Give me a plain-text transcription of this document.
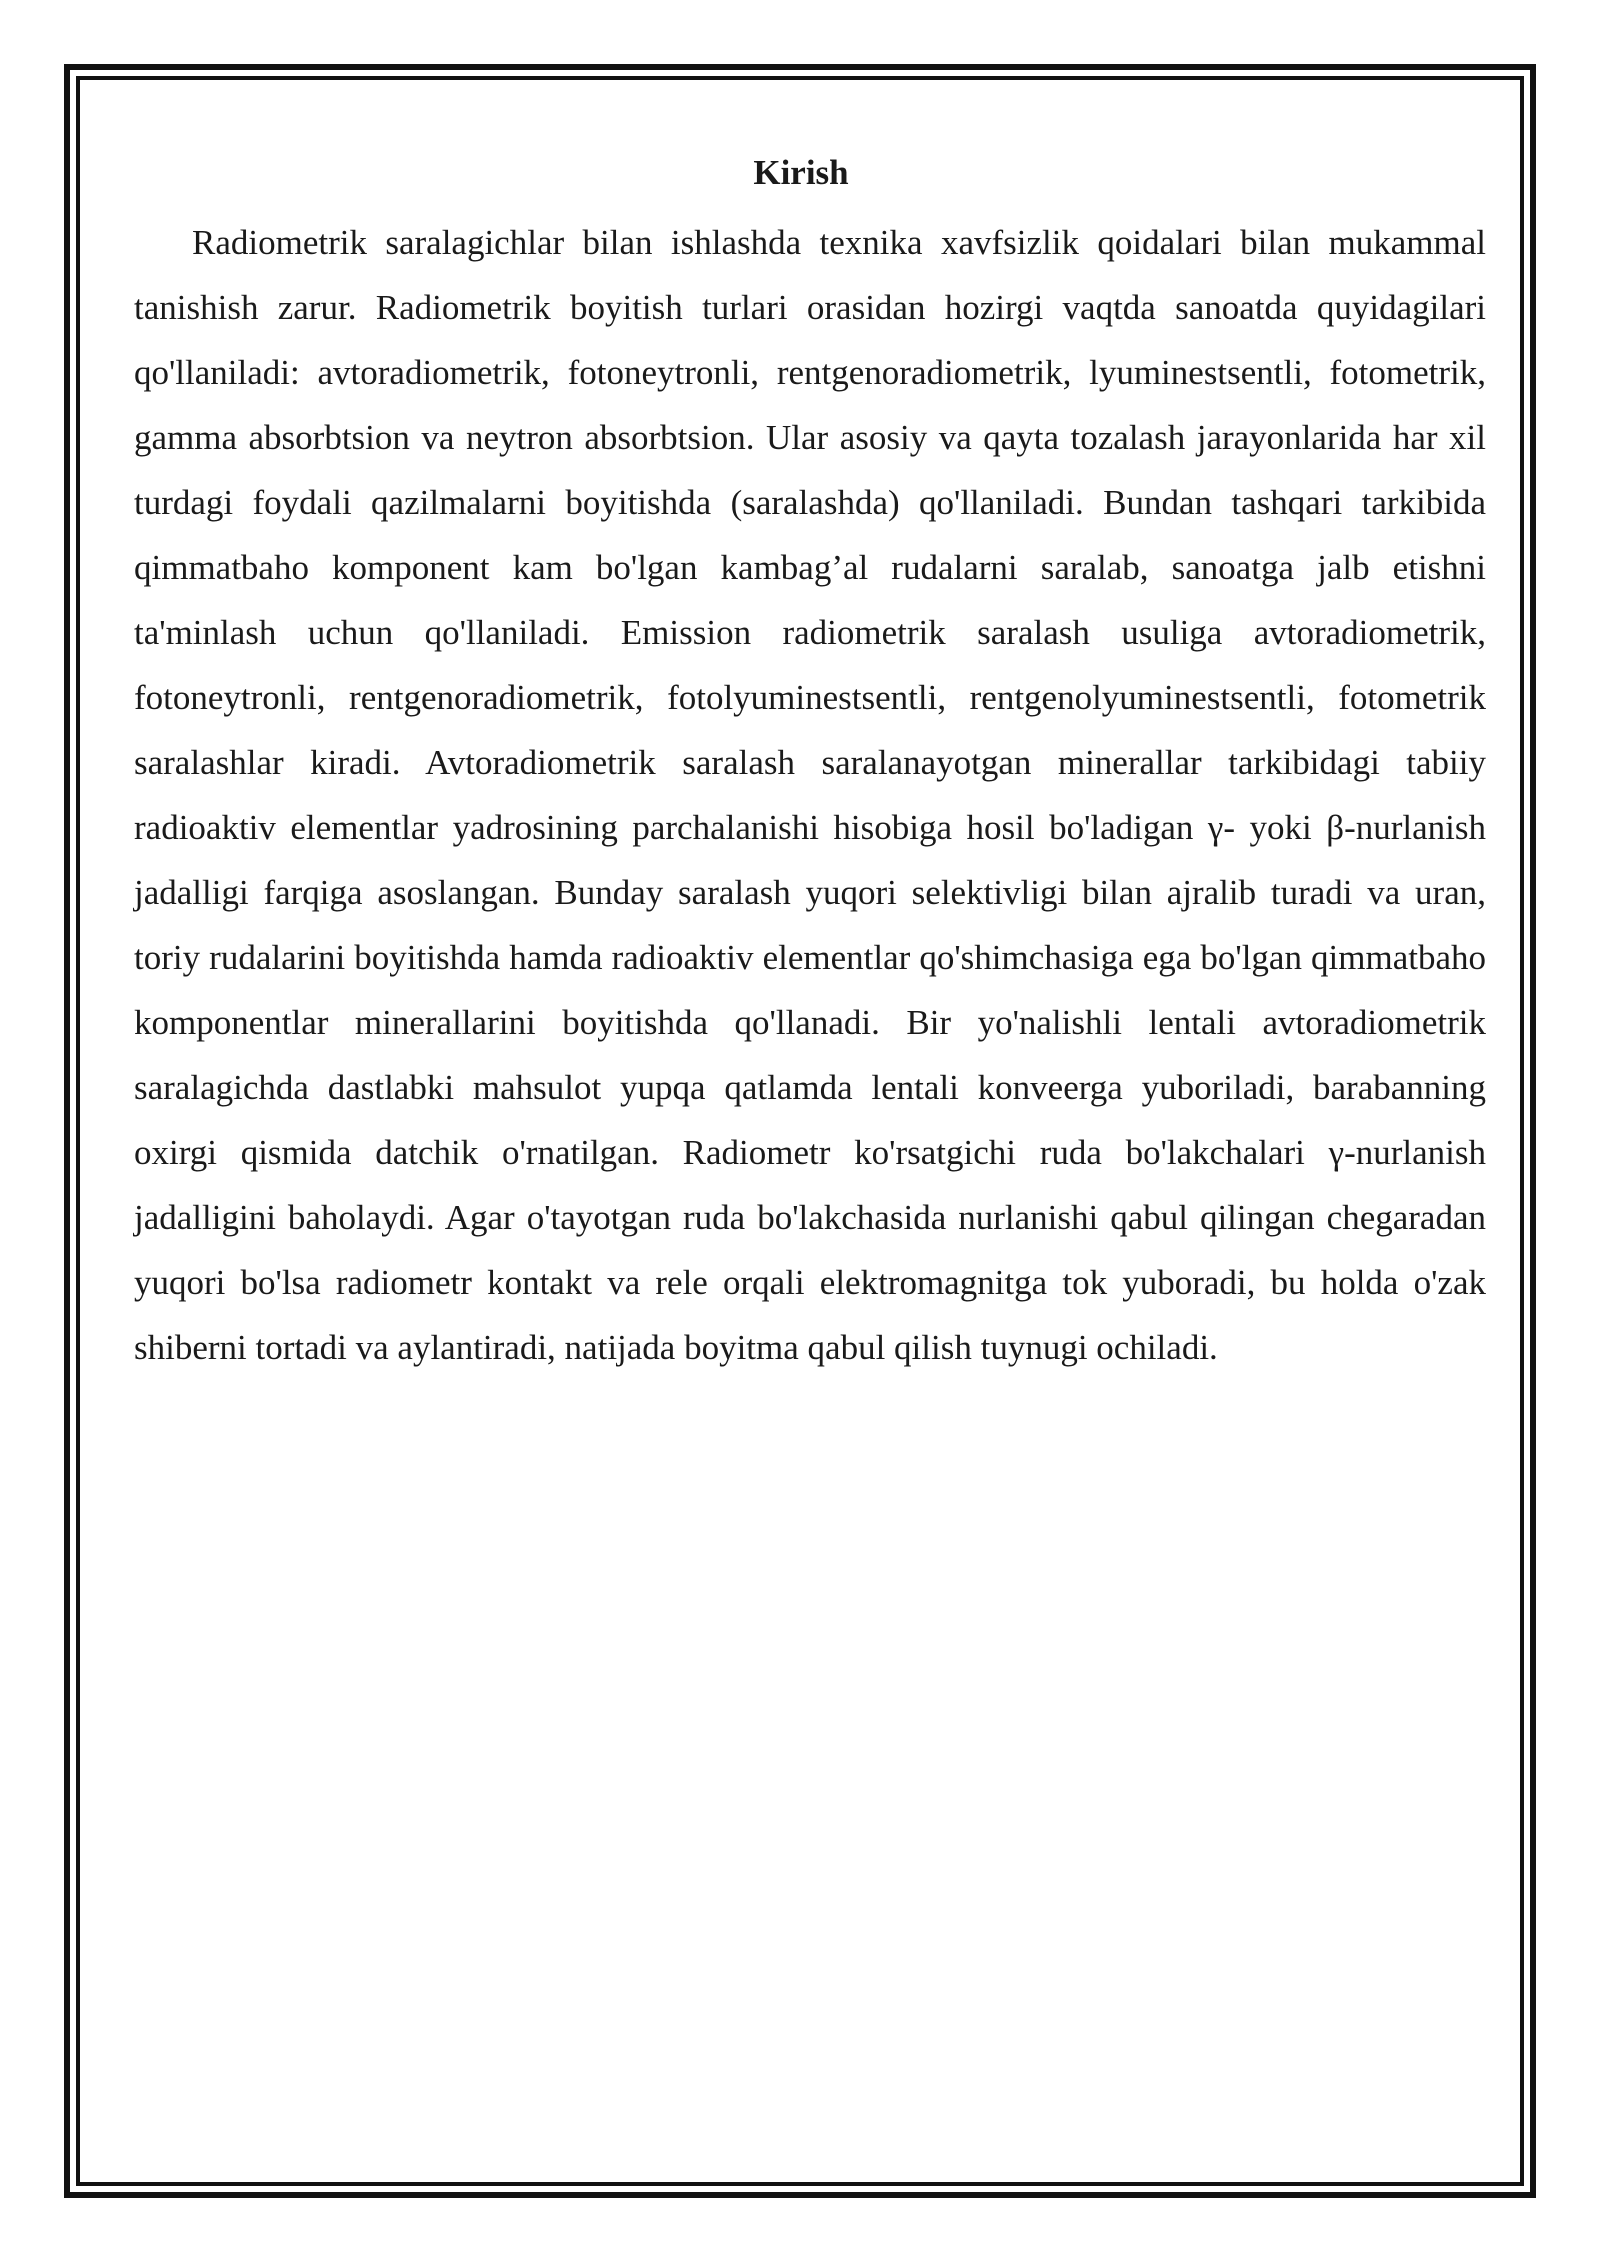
Kirish

Radiometrik saralagichlar bilan ishlashda texnika xavfsizlik qoidalari bilan mukammal tanishish zarur. Radiometrik boyitish turlari orasidan hozirgi vaqtda sanoatda quyidagilari qo'llaniladi: avtoradiometrik, fotoneytronli, rentgenoradiometrik, lyuminestsentli, fotometrik, gamma absorbtsion va neytron absorbtsion. Ular asosiy va qayta tozalash jarayonlarida har xil turdagi foydali qazilmalarni boyitishda (saralashda) qo'llaniladi. Bundan tashqari tarkibida qimmatbaho komponent kam bo'lgan kambag’al rudalarni saralab, sanoatga jalb etishni ta'minlash uchun qo'llaniladi. Emission radiometrik saralash usuliga avtoradiometrik, fotoneytronli, rentgenoradiometrik, fotolyuminestsentli, rentgenolyuminestsentli, fotometrik saralashlar kiradi. Avtoradiometrik saralash saralanayotgan minerallar tarkibidagi tabiiy radioaktiv elementlar yadrosining parchalanishi hisobiga hosil bo'ladigan γ- yoki β-nurlanish jadalligi farqiga asoslangan. Bunday saralash yuqori selektivligi bilan ajralib turadi va uran, toriy rudalarini boyitishda hamda radioaktiv elementlar qo'shimchasiga ega bo'lgan qimmatbaho komponentlar minerallarini boyitishda qo'llanadi. Bir yo'nalishli lentali avtoradiometrik saralagichda dastlabki mahsulot yupqa qatlamda lentali konveerga yuboriladi, barabanning oxirgi qismida datchik o'rnatilgan. Radiometr ko'rsatgichi ruda bo'lakchalari γ-nurlanish jadalligini baholaydi. Agar o'tayotgan ruda bo'lakchasida nurlanishi qabul qilingan chegaradan yuqori bo'lsa radiometr kontakt va rele orqali elektromagnitga tok yuboradi, bu holda o'zak shiberni tortadi va aylantiradi, natijada boyitma qabul qilish tuynugi ochiladi.
